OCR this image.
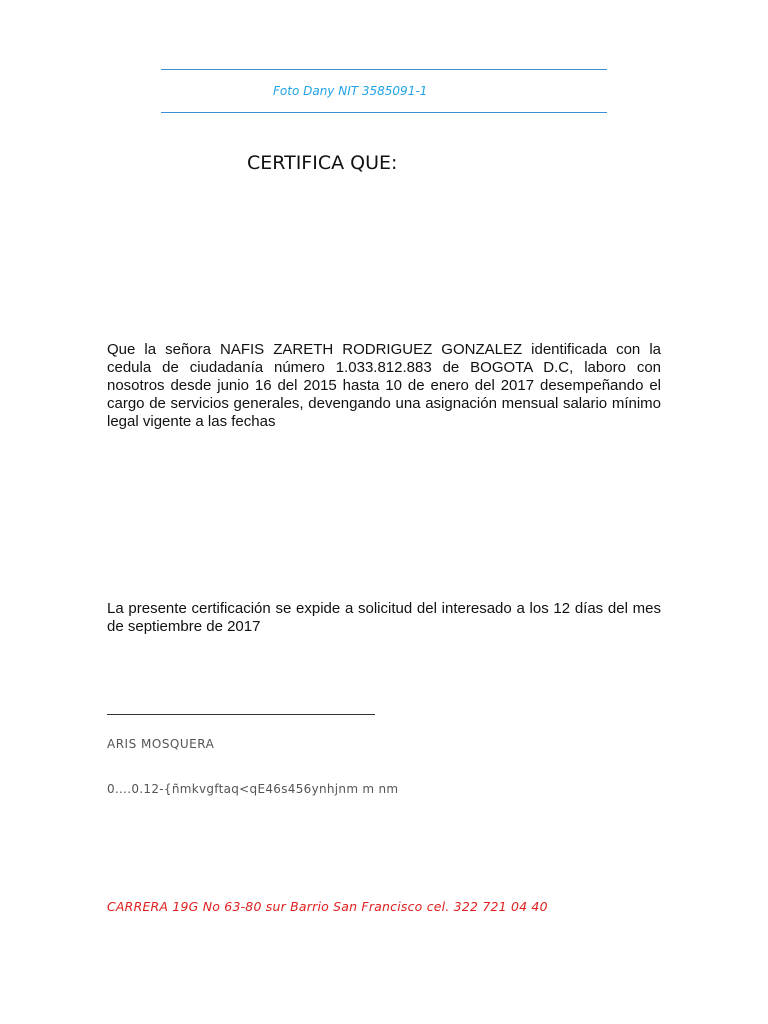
Foto Dany NIT 3585091-1
CERTIFICA QUE:
Que la señora NAFIS ZARETH RODRIGUEZ GONZALEZ identificada con la cedula de ciudadanía número 1.033.812.883 de BOGOTA D.C, laboro con nosotros desde junio 16 del 2015 hasta 10 de enero del 2017 desempeñando el cargo de servicios generales, devengando una asignación mensual salario mínimo legal vigente a las fechas
La presente certificación se expide a solicitud del interesado a los 12 días del mes de septiembre de 2017
ARIS MOSQUERA
0….0.12-{ñmkvgftaq<qE46s456ynhjnm m nm
CARRERA 19G No 63-80 sur Barrio San Francisco cel. 322 721 04 40
